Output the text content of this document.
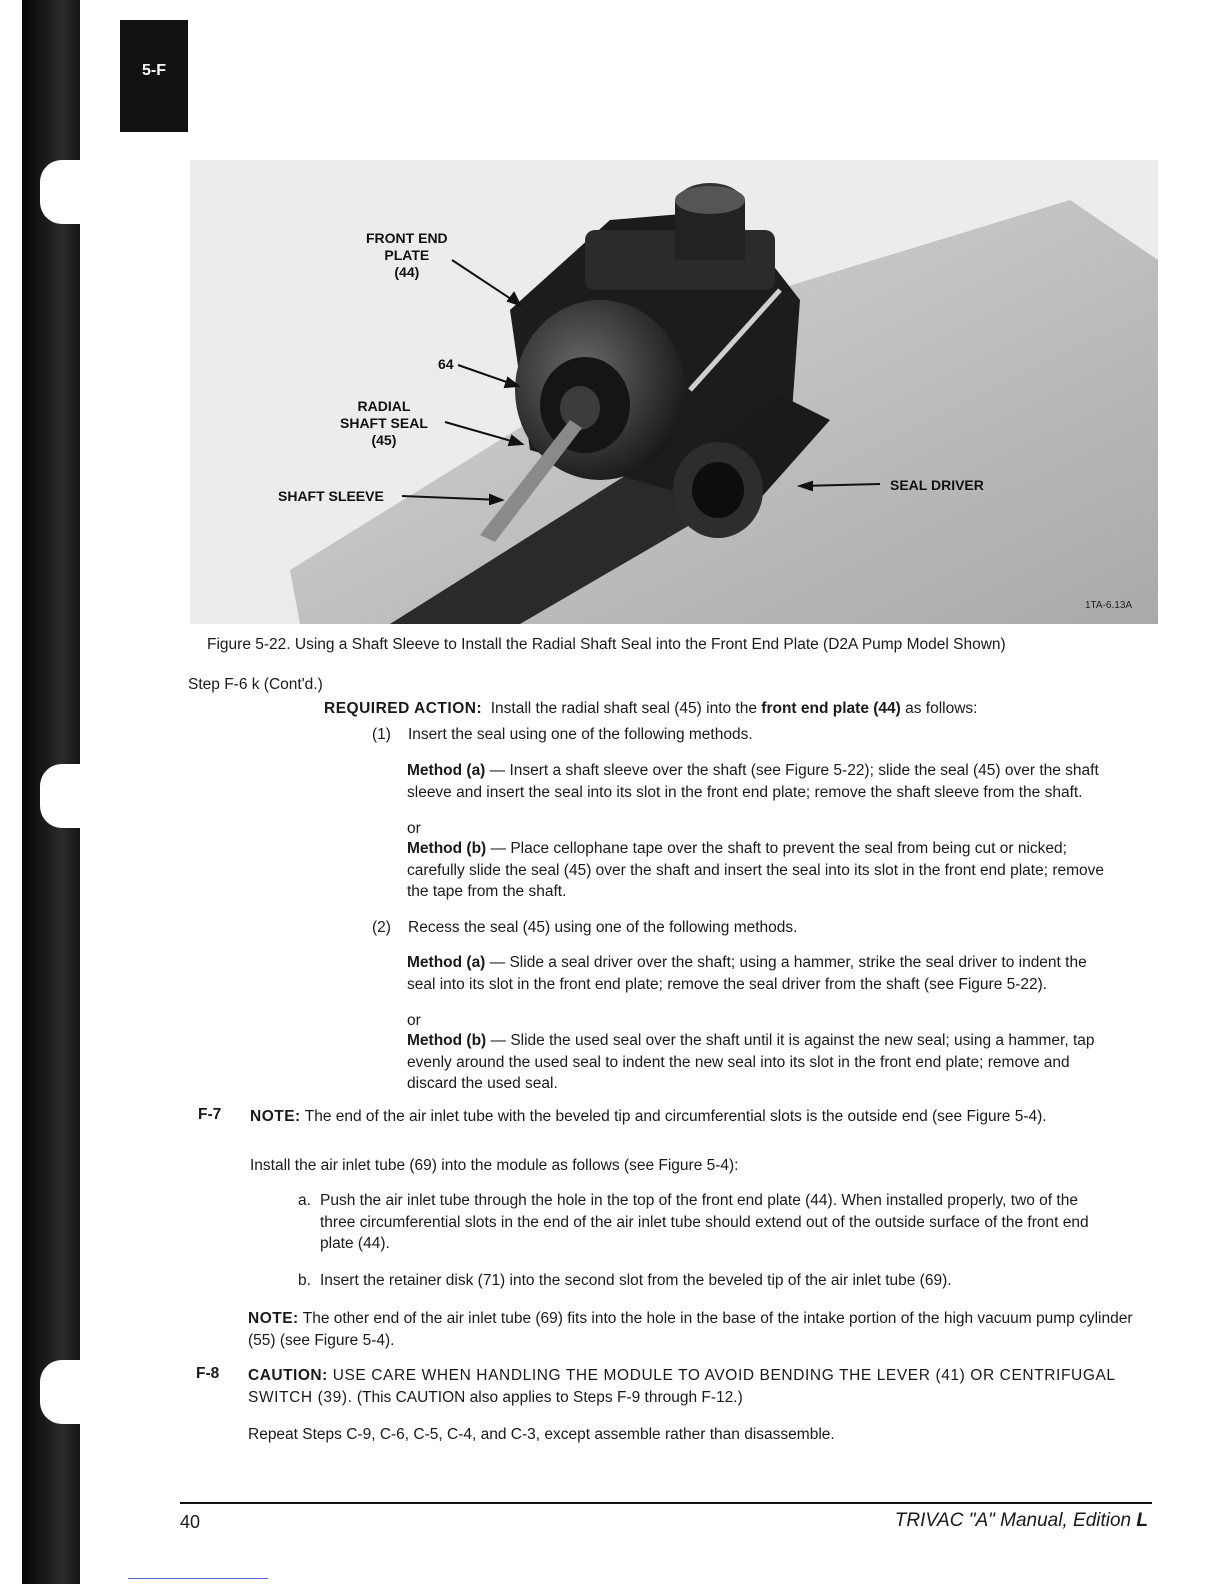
5-F
FRONT END
PLATE
(44)
64
RADIAL
SHAFT SEAL
(45)
SHAFT SLEEVE
SEAL DRIVER
1TA-6.13A
Figure 5-22. Using a Shaft Sleeve to Install the Radial Shaft Seal into the Front End Plate (D2A Pump Model Shown)
Step F-6 k (Cont'd.)
REQUIRED ACTION: Install the radial shaft seal (45) into the front end plate (44) as follows:
(1) Insert the seal using one of the following methods.
Method (a) — Insert a shaft sleeve over the shaft (see Figure 5-22); slide the seal (45) over the shaft sleeve and insert the seal into its slot in the front end plate; remove the shaft sleeve from the shaft.
or
Method (b) — Place cellophane tape over the shaft to prevent the seal from being cut or nicked; carefully slide the seal (45) over the shaft and insert the seal into its slot in the front end plate; remove the tape from the shaft.
(2) Recess the seal (45) using one of the following methods.
Method (a) — Slide a seal driver over the shaft; using a hammer, strike the seal driver to indent the seal into its slot in the front end plate; remove the seal driver from the shaft (see Figure 5-22).
or
Method (b) — Slide the used seal over the shaft until it is against the new seal; using a hammer, tap evenly around the used seal to indent the new seal into its slot in the front end plate; remove and discard the used seal.
F-7 NOTE: The end of the air inlet tube with the beveled tip and circumferential slots is the outside end (see Figure 5-4).
Install the air inlet tube (69) into the module as follows (see Figure 5-4):
a. Push the air inlet tube through the hole in the top of the front end plate (44). When installed properly, two of the three circumferential slots in the end of the air inlet tube should extend out of the outside surface of the front end plate (44).
b. Insert the retainer disk (71) into the second slot from the beveled tip of the air inlet tube (69).
NOTE: The other end of the air inlet tube (69) fits into the hole in the base of the intake portion of the high vacuum pump cylinder (55) (see Figure 5-4).
F-8 CAUTION: USE CARE WHEN HANDLING THE MODULE TO AVOID BENDING THE LEVER (41) OR CENTRIFUGAL SWITCH (39). (This CAUTION also applies to Steps F-9 through F-12.)
Repeat Steps C-9, C-6, C-5, C-4, and C-3, except assemble rather than disassemble.
40	TRIVAC "A" Manual, Edition L
